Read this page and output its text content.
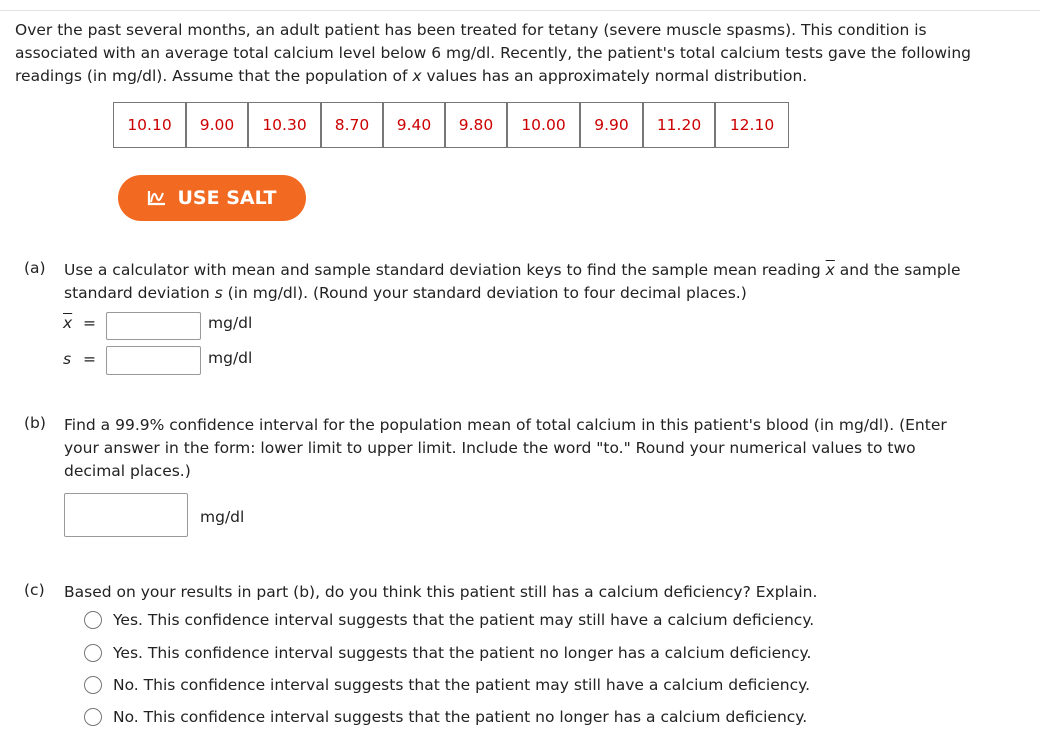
Over the past several months, an adult patient has been treated for tetany (severe muscle spasms). This condition is
associated with an average total calcium level below 6 mg/dl. Recently, the patient's total calcium tests gave the following
readings (in mg/dl). Assume that the population of x values has an approximately normal distribution.
10.10	9.00	10.30	8.70	9.40	9.80	10.00	9.90	11.20	12.10
USE SALT
(a) Use a calculator with mean and sample standard deviation keys to find the sample mean reading $\overline{x}$ and the sample
standard deviation s (in mg/dl). (Round your standard deviation to four decimal places.)
$\overline{x}$ =	mg/dl
s =	mg/dl
(b) Find a 99.9% confidence interval for the population mean of total calcium in this patient's blood (in mg/dl). (Enter
your answer in the form: lower limit to upper limit. Include the word "to." Round your numerical values to two
decimal places.)
mg/dl
(c) Based on your results in part (b), do you think this patient still has a calcium deficiency? Explain.
Yes. This confidence interval suggests that the patient may still have a calcium deficiency.
Yes. This confidence interval suggests that the patient no longer has a calcium deficiency.
No. This confidence interval suggests that the patient may still have a calcium deficiency.
No. This confidence interval suggests that the patient no longer has a calcium deficiency.
